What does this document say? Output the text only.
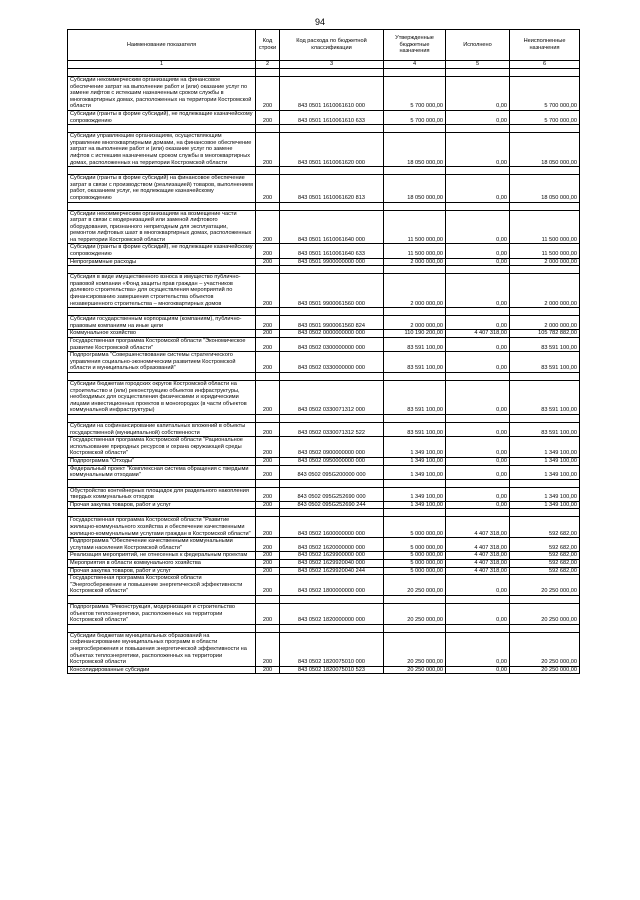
94
Наименование показателя	Код строки	Код расхода по бюджетной классификации	Утвержденные бюджетные назначения	Исполнено	Неисполненные назначения
1	2	3	4	5	6

Субсидии некоммерческим организациям на финансовое обеспечение затрат на выполнение работ и (или) оказание услуг по замене лифтов с истекшим назначенным сроком службы в многоквартирных домах, расположенных на территории Костромской области	200	843 0501 1610061610 000	5 700 000,00	0,00	5 700 000,00
Субсидии (гранты в форме субсидий), не подлежащие казначейскому сопровождению	200	843 0501 1610061610 633	5 700 000,00	0,00	5 700 000,00

Субсидии управляющим организациям, осуществляющим управление многоквартирными домами, на финансовое обеспечение затрат на выполнение работ и (или) оказание услуг по замене лифтов с истекшим назначенным сроком службы в многоквартирных домах, расположенных на территории Костромской области	200	843 0501 1610061620 000	18 050 000,00	0,00	18 050 000,00

Субсидии (гранты в форме субсидий) на финансовое обеспечение затрат в связи с производством (реализацией) товаров, выполнением работ, оказанием услуг, не подлежащие казначейскому сопровождению	200	843 0501 1610061620 813	18 050 000,00	0,00	18 050 000,00

Субсидии некоммерческим организациям на возмещение части затрат в связи с модернизацией или заменой лифтового оборудования, признанного непригодным для эксплуатации, ремонтом лифтовых шахт в многоквартирных домах, расположенных на территории Костромской области	200	843 0501 1610061640 000	11 500 000,00	0,00	11 500 000,00
Субсидии (гранты в форме субсидий), не подлежащие казначейскому сопровождению	200	843 0501 1610061640 633	11 500 000,00	0,00	11 500 000,00
Непрограммные расходы	200	843 0501 9900000000 000	2 000 000,00	0,00	2 000 000,00

Субсидия в виде имущественного взноса в имущество публично-правовой компании «Фонд защиты прав граждан – участников долевого строительства» для осуществления мероприятий по финансированию завершения строительства объектов незавершенного строительства – многоквартирных домов	200	843 0501 9900061560 000	2 000 000,00	0,00	2 000 000,00

Субсидии государственным корпорациям (компаниям), публично-правовым компаниям на иные цели	200	843 0501 9900061560 824	2 000 000,00	0,00	2 000 000,00
Коммунальное хозяйство	200	843 0502 0000000000 000	110 190 200,00	4 407 318,00	105 782 882,00
Государственная программа Костромской области "Экономическое развитие Костромской области"	200	843 0502 0300000000 000	83 591 100,00	0,00	83 591 100,00
Подпрограмма "Совершенствование системы стратегического управления социально-экономическим развитием Костромской области и муниципальных образований"	200	843 0502 0330000000 000	83 591 100,00	0,00	83 591 100,00

Субсидии бюджетам городских округов Костромской области на строительство и (или) реконструкцию объектов инфраструктуры, необходимых для осуществления физическими и юридическими лицами инвестиционных проектов в моногородах (в части объектов коммунальной инфраструктуры)	200	843 0502 0330071312 000	83 591 100,00	0,00	83 591 100,00

Субсидии на софинансирование капитальных вложений в объекты государственной (муниципальной) собственности	200	843 0502 0330071312 522	83 591 100,00	0,00	83 591 100,00
Государственная программа Костромской области "Рациональное использование природных ресурсов и охрана окружающей среды Костромской области"	200	843 0502 0900000000 000	1 349 100,00	0,00	1 349 100,00
Подпрограмма "Отходы"	200	843 0502 0950000000 000	1 349 100,00	0,00	1 349 100,00
Федеральный проект "Комплексная система обращения с твердыми коммунальными отходами"	200	843 0502 095G200000 000	1 349 100,00	0,00	1 349 100,00

Обустройство контейнерных площадок для раздельного накопления твердых коммунальных отходов	200	843 0502 095G252690 000	1 349 100,00	0,00	1 349 100,00
Прочая закупка товаров, работ и услуг	200	843 0502 095G252690 244	1 349 100,00	0,00	1 349 100,00

Государственная программа Костромской области "Развитие жилищно-коммунального хозяйства и обеспечение качественными жилищно-коммунальными услугами граждан в Костромской области"	200	843 0502 1600000000 000	5 000 000,00	4 407 318,00	592 682,00
Подпрограмма "Обеспечение качественными коммунальными услугами населения Костромской области"	200	843 0502 1620000000 000	5 000 000,00	4 407 318,00	592 682,00
Реализация мероприятий, не отнесенных к федеральным проектам	200	843 0502 1629900000 000	5 000 000,00	4 407 318,00	592 682,00
Мероприятия в области коммунального хозяйства	200	843 0502 1629920040 000	5 000 000,00	4 407 318,00	592 682,00
Прочая закупка товаров, работ и услуг	200	843 0502 1629920040 244	5 000 000,00	4 407 318,00	592 682,00
Государственная программа Костромской области "Энергосбережение и повышение энергетической эффективности Костромской области"	200	843 0502 1800000000 000	20 250 000,00	0,00	20 250 000,00

Подпрограмма "Реконструкция, модернизация и строительство объектов теплоэнергетики, расположенных на территории Костромской области"	200	843 0502 1820000000 000	20 250 000,00	0,00	20 250 000,00

Субсидии бюджетам муниципальных образований на софинансирование муниципальных программ в области энергосбережения и повышения энергетической эффективности на объектах теплоэнергетики, расположенных на территории Костромской области	200	843 0502 1820075010 000	20 250 000,00	0,00	20 250 000,00
Консолидированные субсидии	200	843 0502 1820075010 523	20 250 000,00	0,00	20 250 000,00
